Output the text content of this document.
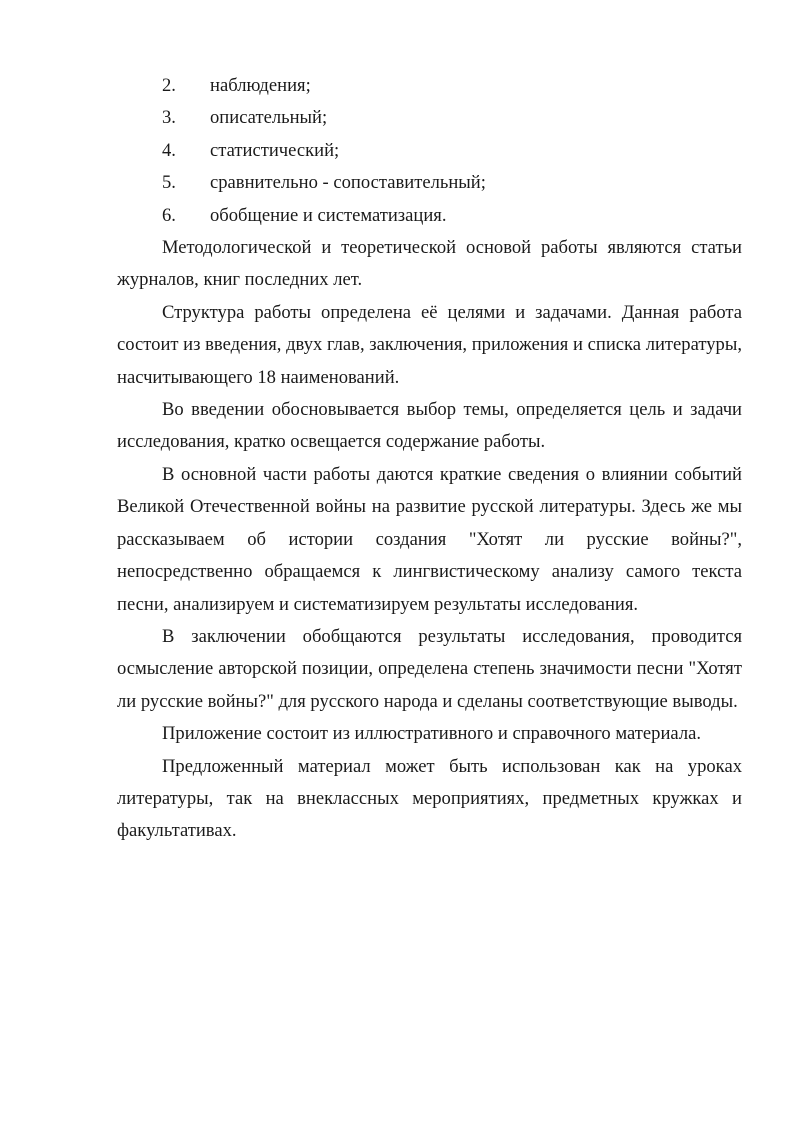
2.	наблюдения;
3.	описательный;
4.	статистический;
5.	сравнительно - сопоставительный;
6.	обобщение и систематизация.

Методологической и теоретической основой работы являются статьи журналов, книг последних лет.

Структура работы определена её целями и задачами. Данная работа состоит из введения, двух глав, заключения, приложения и списка литературы, насчитывающего 18 наименований.

Во введении обосновывается выбор темы, определяется цель и задачи исследования, кратко освещается содержание работы.

В основной части работы даются краткие сведения о влиянии событий Великой Отечественной войны на развитие русской литературы. Здесь же мы рассказываем об истории создания "Хотят ли русские войны?", непосредственно обращаемся к лингвистическому анализу самого текста песни, анализируем и систематизируем результаты исследования.

В заключении обобщаются результаты исследования, проводится осмысление авторской позиции, определена степень значимости песни "Хотят ли русские войны?" для русского народа и сделаны соответствующие выводы.

Приложение состоит из иллюстративного и справочного материала.

Предложенный материал может быть использован как на уроках литературы, так на внеклассных мероприятиях, предметных кружках и факультативах.
